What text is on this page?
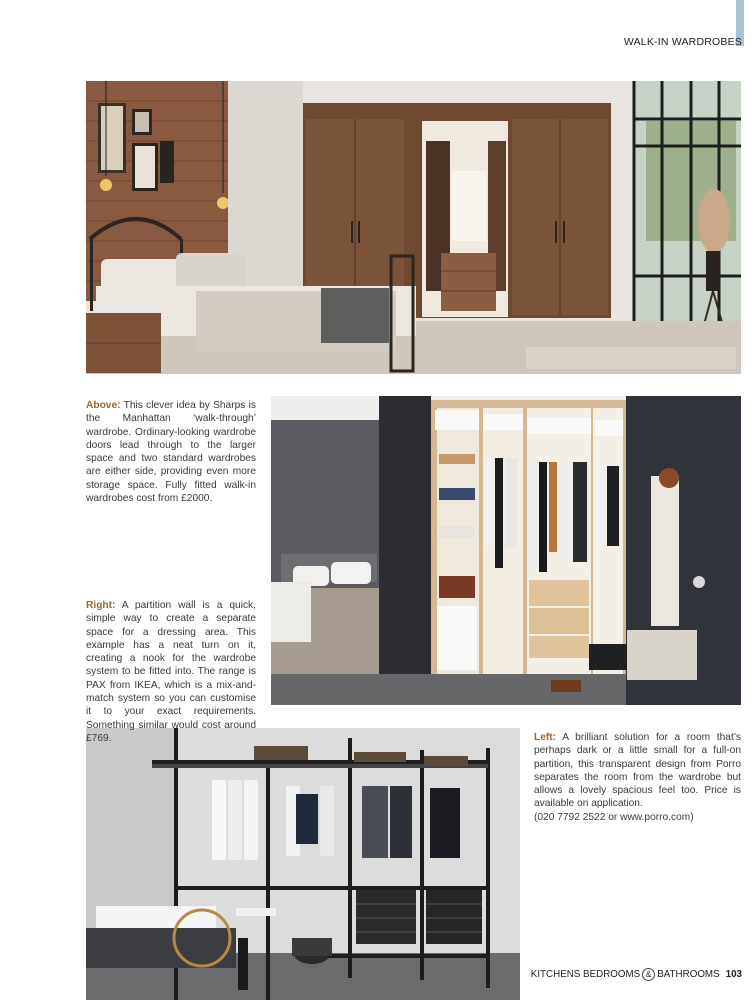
WALK-IN WARDROBES
Above: This clever idea by Sharps is the Manhattan ‘walk-through’ wardrobe. Ordinary-looking wardrobe doors lead through to the larger space and two standard wardrobes are either side, providing even more storage space. Fully fitted walk-in wardrobes cost from £2000.
Right: A partition wall is a quick, simple way to create a separate space for a dressing area. This example has a neat turn on it, creating a nook for the wardrobe system to be fitted into. The range is PAX from IKEA, which is a mix-and-match system so you can customise it to your exact requirements. Something similar would cost around £769.	Left: A brilliant solution for a room that’s perhaps dark or a little small for a full-on partition, this transparent design from Porro separates the room from the wardrobe but allows a lovely spacious feel too. Price is available on application.
(020 7792 2522 or www.porro.com)
KITCHENS BEDROOMS & BATHROOMS 103
